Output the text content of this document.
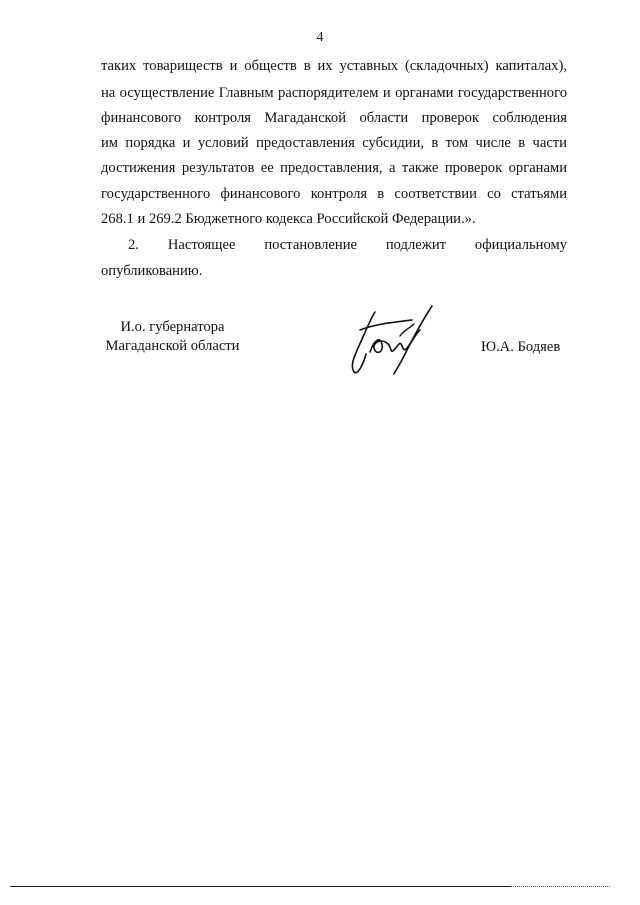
4
таких товариществ и обществ в их уставных (складочных) капиталах),
на осуществление Главным распорядителем и органами государственного
финансового контроля Магаданской области проверок соблюдения
им порядка и условий предоставления субсидии, в том числе в части
достижения результатов ее предоставления, а также проверок органами
государственного финансового контроля в соответствии со статьями
268.1 и 269.2 Бюджетного кодекса Российской Федерации.».
2. Настоящее постановление подлежит официальному
опубликованию.
И.о. губернатора
Магаданской области	Ю.А. Бодяев
